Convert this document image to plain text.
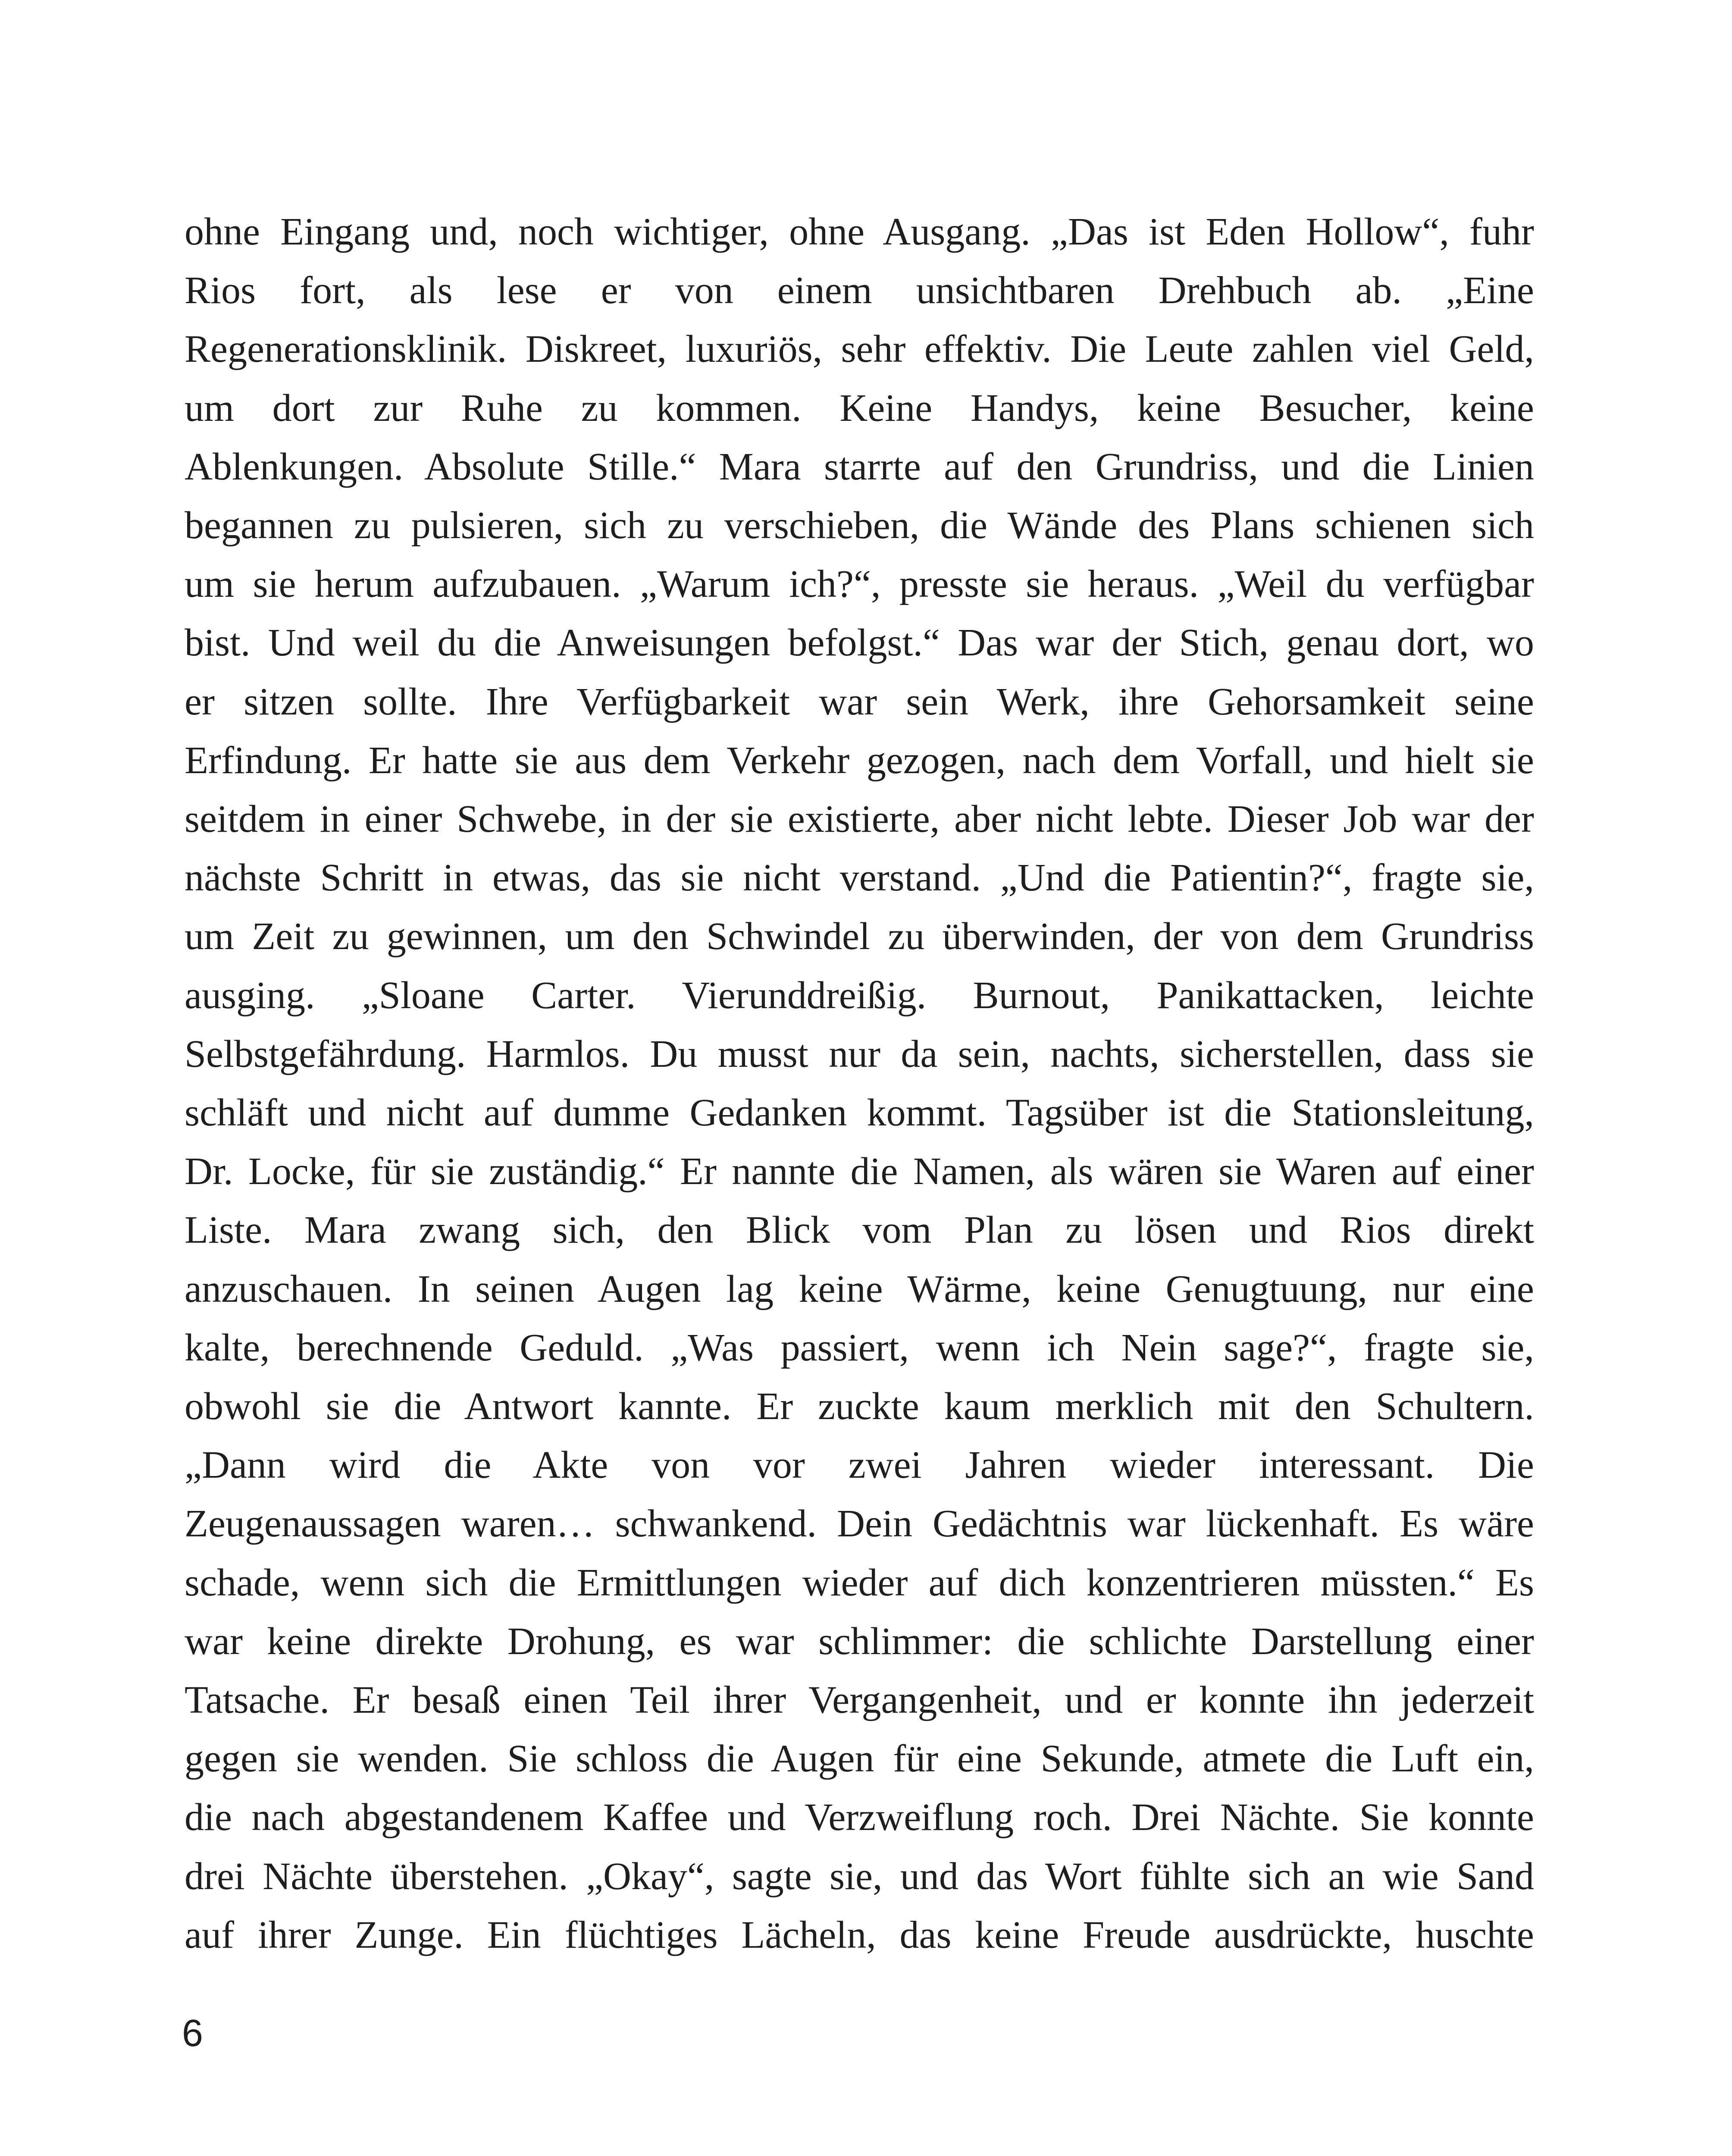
ohne Eingang und, noch wichtiger, ohne Ausgang. „Das ist Eden Hollow“, fuhr
Rios fort, als lese er von einem unsichtbaren Drehbuch ab. „Eine
Regenerationsklinik. Diskreet, luxuriös, sehr effektiv. Die Leute zahlen viel Geld,
um dort zur Ruhe zu kommen. Keine Handys, keine Besucher, keine
Ablenkungen. Absolute Stille.“ Mara starrte auf den Grundriss, und die Linien
begannen zu pulsieren, sich zu verschieben, die Wände des Plans schienen sich
um sie herum aufzubauen. „Warum ich?“, presste sie heraus. „Weil du verfügbar
bist. Und weil du die Anweisungen befolgst.“ Das war der Stich, genau dort, wo
er sitzen sollte. Ihre Verfügbarkeit war sein Werk, ihre Gehorsamkeit seine
Erfindung. Er hatte sie aus dem Verkehr gezogen, nach dem Vorfall, und hielt sie
seitdem in einer Schwebe, in der sie existierte, aber nicht lebte. Dieser Job war der
nächste Schritt in etwas, das sie nicht verstand. „Und die Patientin?“, fragte sie,
um Zeit zu gewinnen, um den Schwindel zu überwinden, der von dem Grundriss
ausging. „Sloane Carter. Vierunddreißig. Burnout, Panikattacken, leichte
Selbstgefährdung. Harmlos. Du musst nur da sein, nachts, sicherstellen, dass sie
schläft und nicht auf dumme Gedanken kommt. Tagsüber ist die Stationsleitung,
Dr. Locke, für sie zuständig.“ Er nannte die Namen, als wären sie Waren auf einer
Liste. Mara zwang sich, den Blick vom Plan zu lösen und Rios direkt
anzuschauen. In seinen Augen lag keine Wärme, keine Genugtuung, nur eine
kalte, berechnende Geduld. „Was passiert, wenn ich Nein sage?“, fragte sie,
obwohl sie die Antwort kannte. Er zuckte kaum merklich mit den Schultern.
„Dann wird die Akte von vor zwei Jahren wieder interessant. Die
Zeugenaussagen waren… schwankend. Dein Gedächtnis war lückenhaft. Es wäre
schade, wenn sich die Ermittlungen wieder auf dich konzentrieren müssten.“ Es
war keine direkte Drohung, es war schlimmer: die schlichte Darstellung einer
Tatsache. Er besaß einen Teil ihrer Vergangenheit, und er konnte ihn jederzeit
gegen sie wenden. Sie schloss die Augen für eine Sekunde, atmete die Luft ein,
die nach abgestandenem Kaffee und Verzweiflung roch. Drei Nächte. Sie konnte
drei Nächte überstehen. „Okay“, sagte sie, und das Wort fühlte sich an wie Sand
auf ihrer Zunge. Ein flüchtiges Lächeln, das keine Freude ausdrückte, huschte
6
